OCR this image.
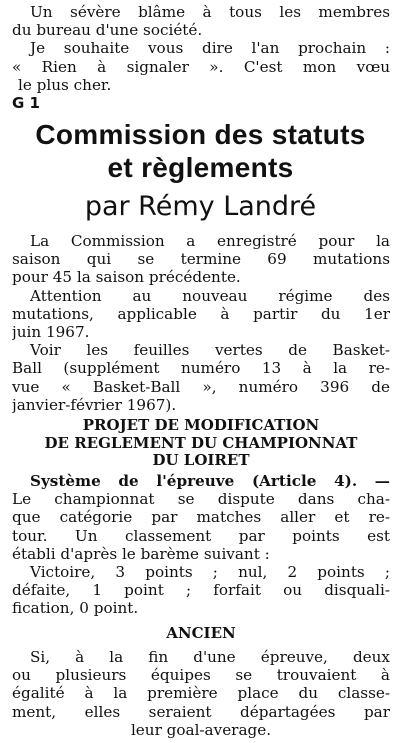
Un sévère blâme à tous les membres
du bureau d'une société.
Je souhaite vous dire l'an prochain :
« Rien à signaler ». C'est mon vœu
le plus cher.
G 1
Commission des statuts
et règlements
par Rémy Landré
La Commission a enregistré pour la
saison qui se termine 69 mutations
pour 45 la saison précédente.
Attention au nouveau régime des
mutations, applicable à partir du 1er
juin 1967.
Voir les feuilles vertes de Basket-
Ball (supplément numéro 13 à la re-
vue « Basket-Ball », numéro 396 de
janvier-février 1967).
PROJET DE MODIFICATION
DE REGLEMENT DU CHAMPIONNAT
DU LOIRET
Système de l'épreuve (Article 4). —
Le championnat se dispute dans cha-
que catégorie par matches aller et re-
tour. Un classement par points est
établi d'après le barème suivant :
Victoire, 3 points ; nul, 2 points ;
défaite, 1 point ; forfait ou disquali-
fication, 0 point.
ANCIEN
Si, à la fin d'une épreuve, deux
ou plusieurs équipes se trouvaient à
égalité à la première place du classe-
ment, elles seraient départagées par
leur goal-average.
